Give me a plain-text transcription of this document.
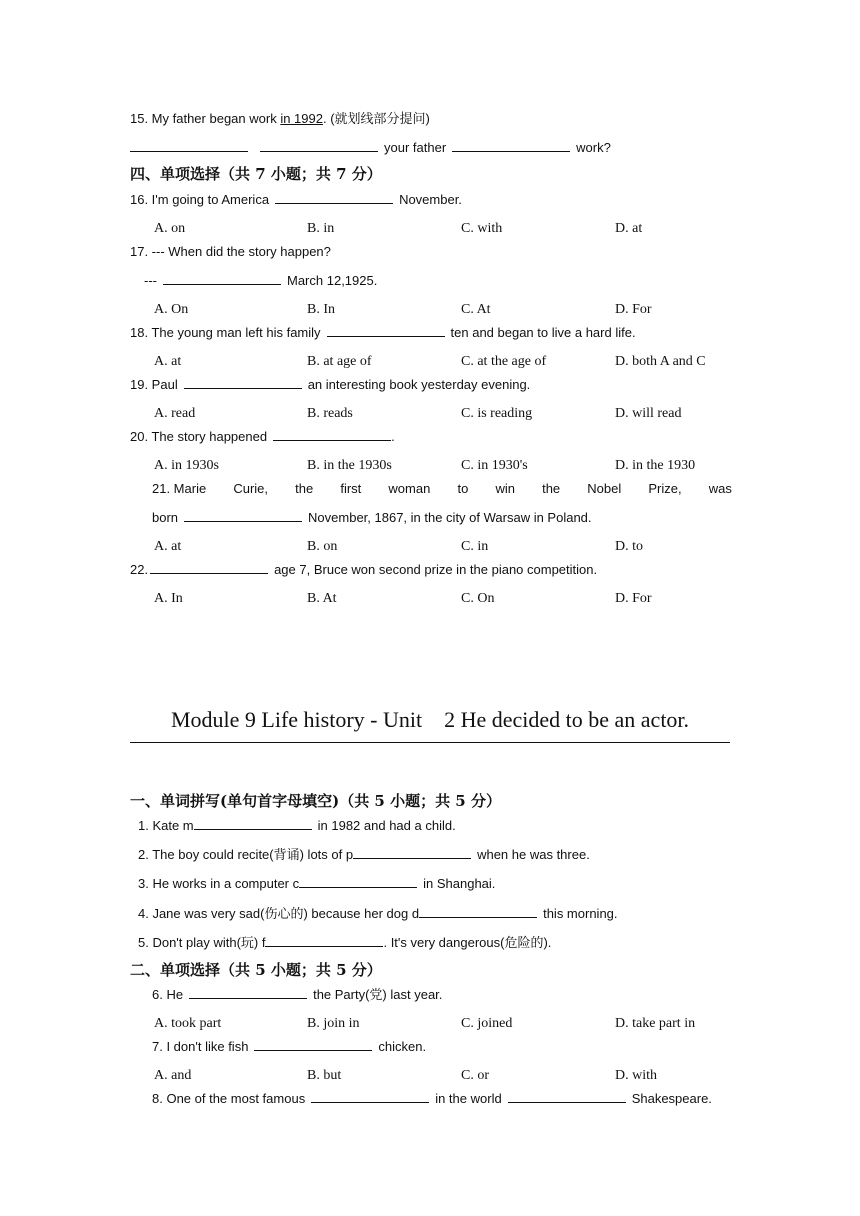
15. My father began work in 1992. (就划线部分提问)
your father	work?
四、单项选择（共 7 小题；共 7 分）
16. I'm going to America	November.
A. on	B. in	C. with	D. at
17. --- When did the story happen?
---	March 12,1925.
A. On	B. In	C. At	D. For
18. The young man left his family	ten and began to live a hard life.
A. at	B. at age of	C. at the age of	D. both A and C
19. Paul	an interesting book yesterday evening.
A. read	B. reads	C. is reading	D. will read
20. The story happened	.
A. in 1930s	B. in the 1930s	C. in 1930's	D. in the 1930
21. Marie Curie, the first woman to win the Nobel Prize, was
born	November, 1867, in the city of Warsaw in Poland.
A. at	B. on	C. in	D. to
22.	age 7, Bruce won second prize in the piano competition.
A. In	B. At	C. On	D. For
Module 9 Life history - Unit　2 He decided to be an actor.
一、单词拼写(单句首字母填空)（共 5 小题；共 5 分）
1. Kate m	in 1982 and had a child.
2. The boy could recite(背诵) lots of p	when he was three.
3. He works in a computer c	in Shanghai.
4. Jane was very sad(伤心的) because her dog d	this morning.
5. Don't play with(玩) f	. It's very dangerous(危险的).
二、单项选择（共 5 小题；共 5 分）
6. He	the Party(党) last year.
A. took part	B. join in	C. joined	D. take part in
7. I don't like fish	chicken.
A. and	B. but	C. or	D. with
8. One of the most famous	in the world	Shakespeare.
